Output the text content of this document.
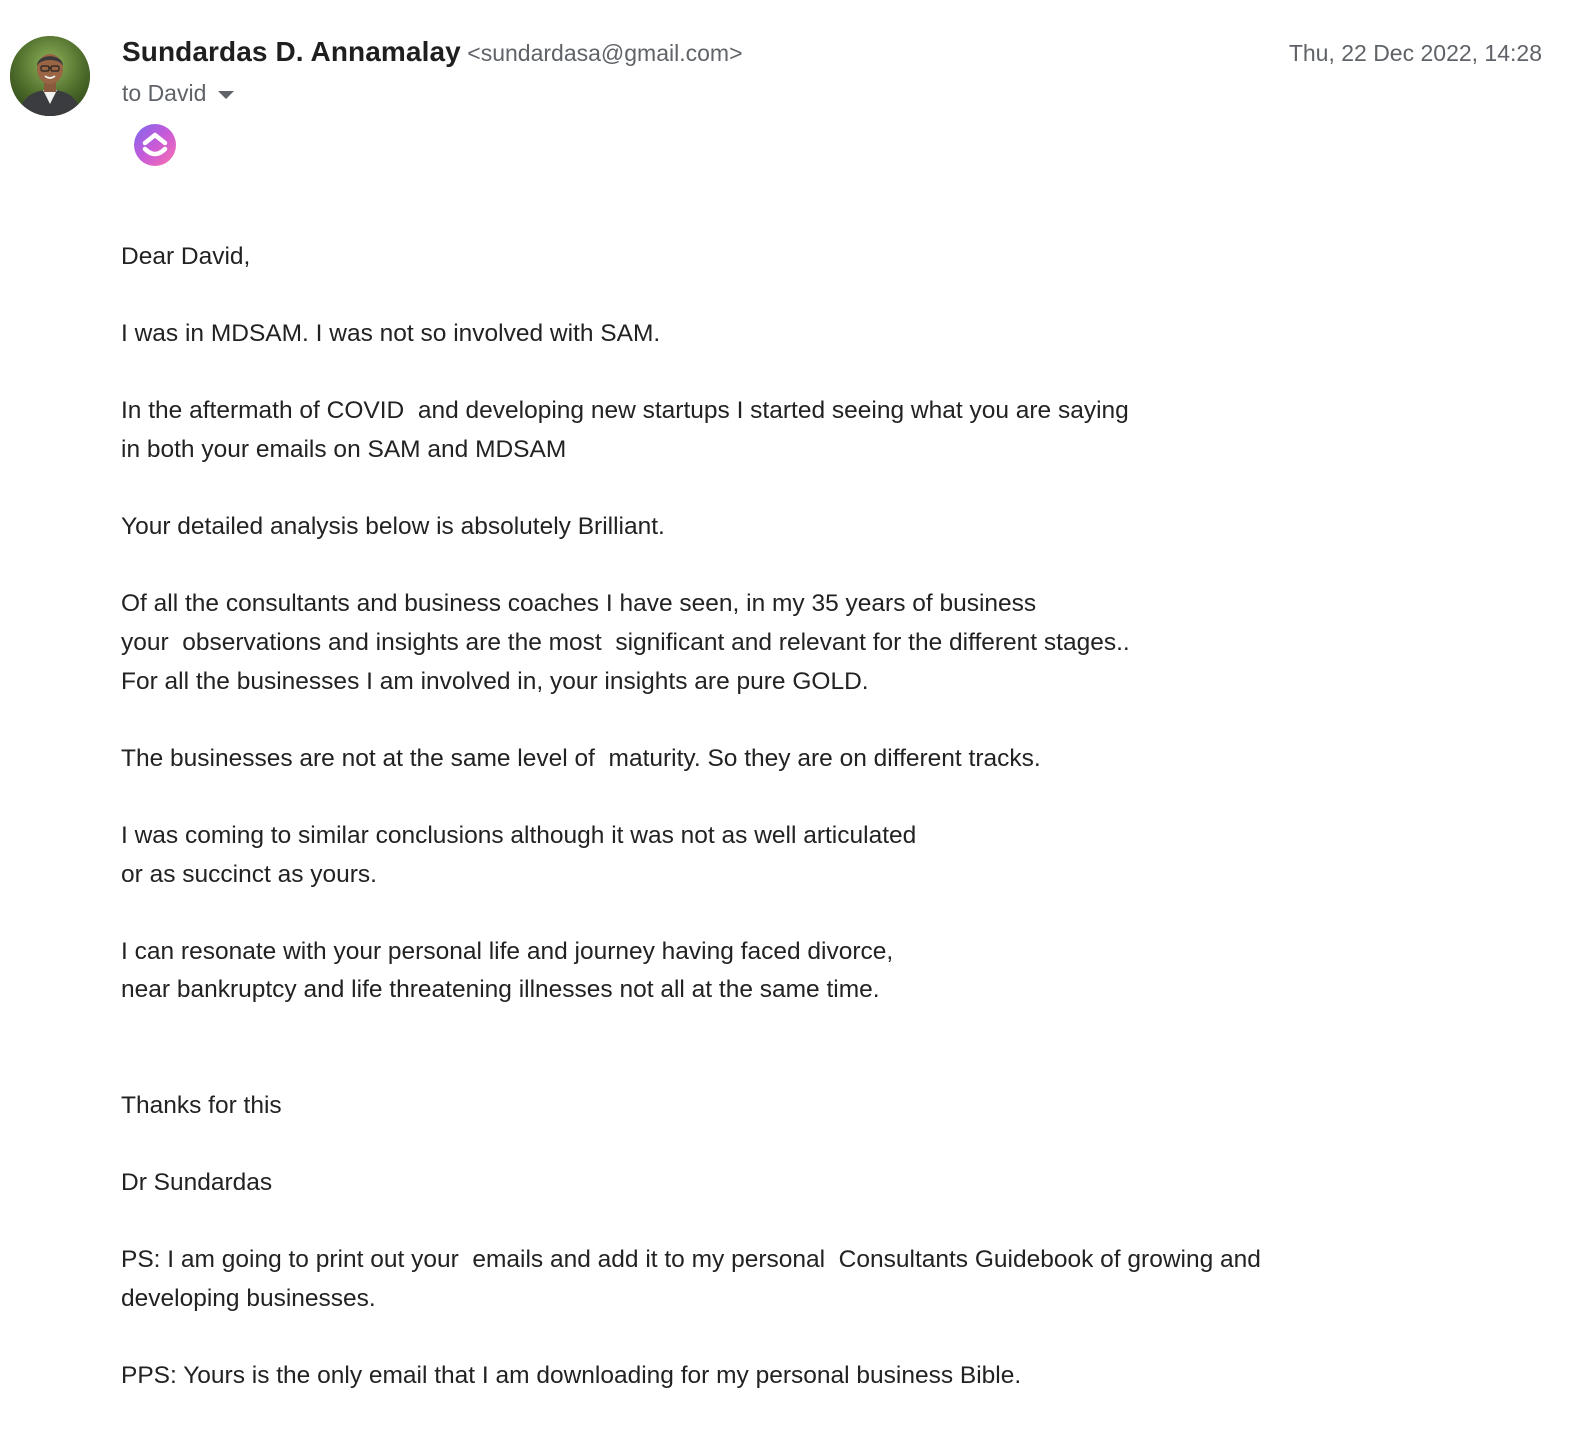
Sundardas D. Annamalay <sundardasa@gmail.com>	Thu, 22 Dec 2022, 14:28
to David

Dear David,

I was in MDSAM. I was not so involved with SAM.

In the aftermath of COVID  and developing new startups I started seeing what you are saying

in both your emails on SAM and MDSAM

Your detailed analysis below is absolutely Brilliant.

Of all the consultants and business coaches I have seen, in my 35 years of business

your  observations and insights are the most  significant and relevant for the different stages..

For all the businesses I am involved in, your insights are pure GOLD.

The businesses are not at the same level of  maturity. So they are on different tracks.

I was coming to similar conclusions although it was not as well articulated

or as succinct as yours.

I can resonate with your personal life and journey having faced divorce,

near bankruptcy and life threatening illnesses not all at the same time.

Thanks for this

Dr Sundardas

PS: I am going to print out your  emails and add it to my personal  Consultants Guidebook of growing and

developing businesses.

PPS: Yours is the only email that I am downloading for my personal business Bible.
